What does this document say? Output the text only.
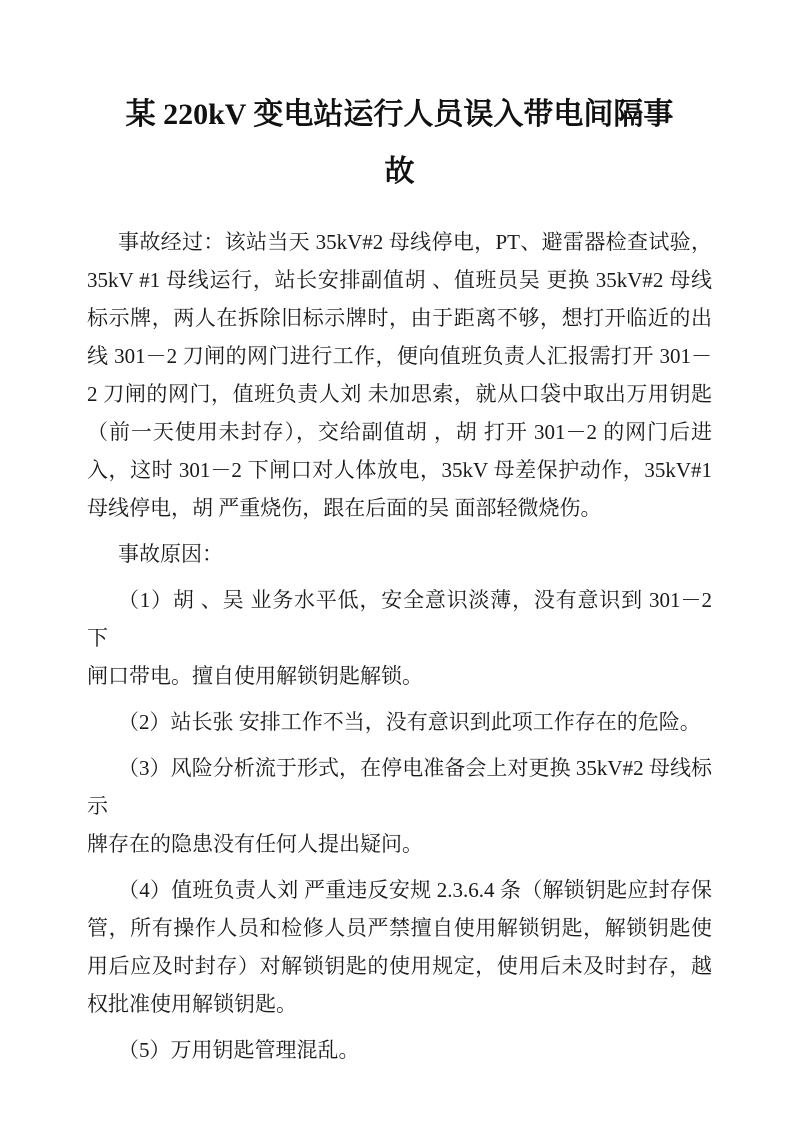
某 220kV 变电站运行人员误入带电间隔事
故

事故经过：该站当天 35kV#2 母线停电，PT、避雷器检查试验，
35kV #1 母线运行，站长安排副值胡 、值班员吴 更换 35kV#2 母线
标示牌，两人在拆除旧标示牌时，由于距离不够，想打开临近的出
线 301－2 刀闸的网门进行工作，便向值班负责人汇报需打开 301－
2 刀闸的网门，值班负责人刘 未加思索，就从口袋中取出万用钥匙
（前一天使用未封存），交给副值胡 ，胡 打开 301－2 的网门后进
入，这时 301－2 下闸口对人体放电，35kV 母差保护动作，35kV#1
母线停电，胡 严重烧伤，跟在后面的吴 面部轻微烧伤。

事故原因：

（1）胡 、吴 业务水平低，安全意识淡薄，没有意识到 301－2 下
闸口带电。擅自使用解锁钥匙解锁。

（2）站长张 安排工作不当，没有意识到此项工作存在的危险。

（3）风险分析流于形式，在停电准备会上对更换 35kV#2 母线标示
牌存在的隐患没有任何人提出疑问。

（4）值班负责人刘 严重违反安规 2.3.6.4 条（解锁钥匙应封存保
管，所有操作人员和检修人员严禁擅自使用解锁钥匙，解锁钥匙使
用后应及时封存）对解锁钥匙的使用规定，使用后未及时封存，越
权批准使用解锁钥匙。

（5）万用钥匙管理混乱。
